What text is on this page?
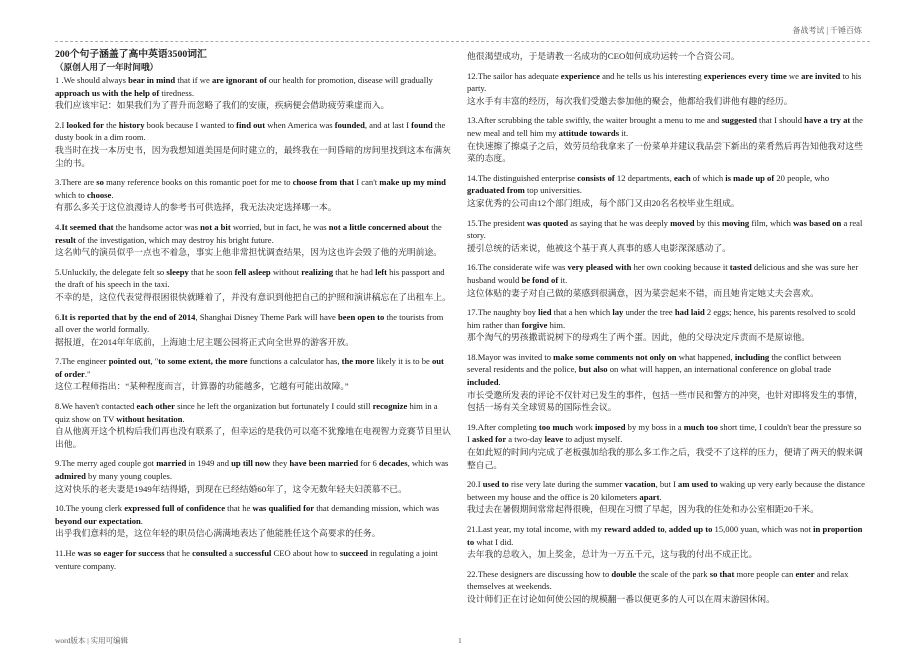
备战考试 | 千锤百炼
200个句子涵盖了高中英语3500词汇
（原创人用了一年时间哦）
1 .We should always bear in mind that if we are ignorant of our health for promotion, disease will gradually approach us with the help of tiredness.
我们应该牢记：如果我们为了晋升而忽略了我们的安康，疾病便会借助疲劳乘虚而入。
2.I looked for the history book because I wanted to find out when America was founded, and at last I found the dusty book in a dim room.
我当时在找一本历史书，因为我想知道美国是何时建立的，最终我在一间昏暗的房间里找到这本布满灰尘的书。
3.There are so many reference books on this romantic poet for me to choose from that I can't make up my mind which to choose.
有那么多关于这位浪漫诗人的参考书可供选择，我无法决定选择哪一本。
4.It seemed that the handsome actor was not a bit worried, but in fact, he was not a little concerned about the result of the investigation, which may destroy his bright future.
这名帅气的演员似乎一点也不着急，事实上他非常担忧调查结果，因为这也许会毁了他的光明前途。
5.Unluckily, the delegate felt so sleepy that he soon fell asleep without realizing that he had left his passport and the draft of his speech in the taxi.
不幸的是，这位代表觉得很困很快就睡着了，并没有意识到他把自己的护照和演讲稿忘在了出租车上。
6.It is reported that by the end of 2014, Shanghai Disney Theme Park will have been open to the tourists from all over the world formally.
据报道，在2014年年底前，上海迪士尼主题公园将正式向全世界的游客开放。
7.The engineer pointed out, "to some extent, the more functions a calculator has, the more likely it is to be out of order."
这位工程师指出：“某种程度而言，计算器的功能越多，它越有可能出故障。”
8.We haven't contacted each other since he left the organization but fortunately I could still recognize him in a quiz show on TV without hesitation.
自从他离开这个机构后我们再也没有联系了，但幸运的是我仍可以毫不犹豫地在电视智力竞赛节目里认出他。
9.The merry aged couple got married in 1949 and up till now they have been married for 6 decades, which was admired by many young couples.
这对快乐的老夫妻是1949年结得婚，到现在已经结婚60年了，这令无数年轻夫妇羡慕不已。
10.The young clerk expressed full of confidence that he was qualified for that demanding mission, which was beyond our expectation.
出乎我们意料的是，这位年轻的职员信心满满地表达了他能胜任这个高要求的任务。
11.He was so eager for success that he consulted a successful CEO about how to succeed in regulating a joint venture company.
他很渴望成功，于是请教一名成功的CEO如何成功运转一个合资公司。
12.The sailor has adequate experience and he tells us his interesting experiences every time we are invited to his party.
这水手有丰富的经历，每次我们受邀去参加他的聚会，他都给我们讲他有趣的经历。
13.After scrubbing the table swiftly, the waiter brought a menu to me and suggested that I should have a try at the new meal and tell him my attitude towards it.
在快速擦了擦桌子之后，效劳员给我拿来了一份菜单并建议我品尝下新出的菜肴然后再告知他我对这些菜的态度。
14.The distinguished enterprise consists of 12 departments, each of which is made up of 20 people, who graduated from top universities.
这家优秀的公司由12个部门组成，每个部门又由20名名校毕业生组成。
15.The president was quoted as saying that he was deeply moved by this moving film, which was based on a real story.
援引总统的话来说，他被这个基于真人真事的感人电影深深感动了。
16.The considerate wife was very pleased with her own cooking because it tasted delicious and she was sure her husband would be fond of it.
这位体贴的妻子对自己做的菜感到很满意，因为菜尝起来不错，而且她肯定她丈夫会喜欢。
17.The naughty boy lied that a hen which lay under the tree had laid 2 eggs; hence, his parents resolved to scold him rather than forgive him.
那个淘气的男孩撒谎说树下的母鸡生了两个蛋。因此，他的父母决定斥责而不是原谅他。
18.Mayor was invited to make some comments not only on what happened, including the conflict between several residents and the police, but also on what will happen, an international conference on global trade included.
市长受邀所发表的评论不仅针对已发生的事件，包括一些市民和警方的冲突，也针对即将发生的事情，包括一场有关全球贸易的国际性会议。
19.After completing too much work imposed by my boss in a much too short time, I couldn't bear the pressure so I asked for a two-day leave to adjust myself.
在如此短的时间内完成了老板强加给我的那么多工作之后，我受不了这样的压力，便请了两天的假来调整自己。
20.I used to rise very late during the summer vacation, but I am used to waking up very early because the distance between my house and the office is 20 kilometers apart.
我过去在暑假期间常常起得很晚，但现在习惯了早起，因为我的住处和办公室相距20千米。
21.Last year, my total income, with my reward added to, added up to 15,000 yuan, which was not in proportion to what I did.
去年我的总收入，加上奖金，总计为一万五千元，这与我的付出不成正比。
22.These designers are discussing how to double the scale of the park so that more people can enter and relax themselves at weekends.
设计师们正在讨论如何使公园的规模翻一番以便更多的人可以在周末游园休闲。
word版本 | 实用可编辑	1
